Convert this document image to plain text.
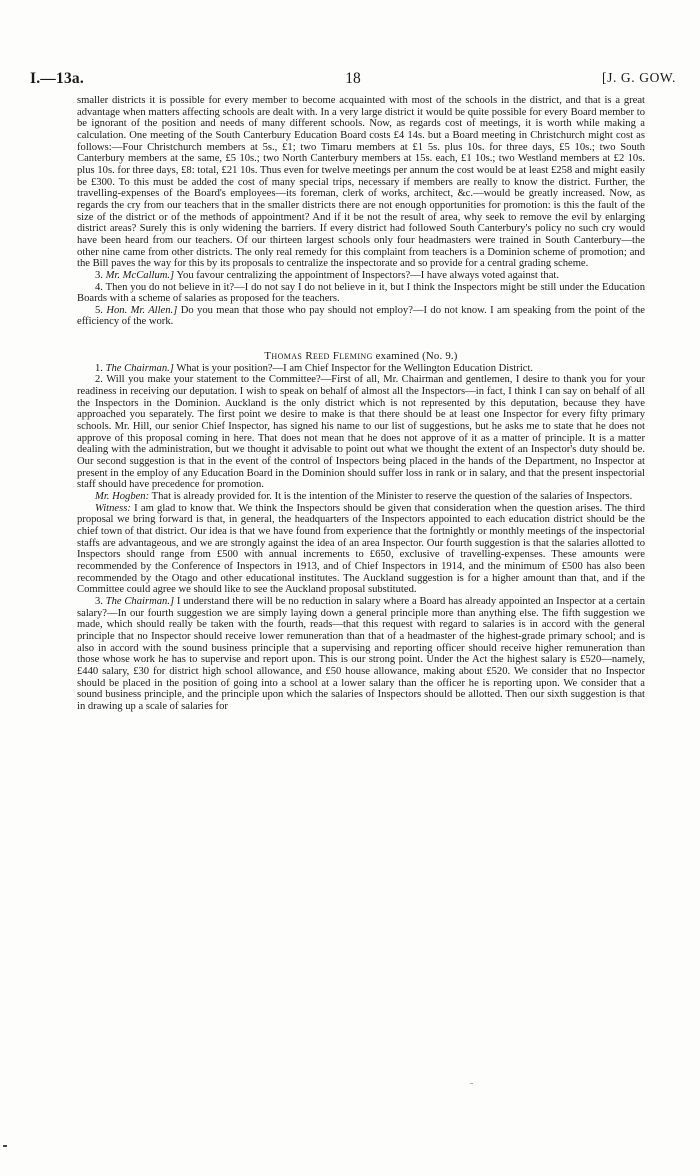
I.—13a.	18	[J. G. GOW.

smaller districts it is possible for every member to become acquainted with most of the schools in the district, and that is a great advantage when matters affecting schools are dealt with. In a very large district it would be quite possible for every Board member to be ignorant of the position and needs of many different schools. Now, as regards cost of meetings, it is worth while making a calculation. One meeting of the South Canterbury Education Board costs £4 14s. but a Board meeting in Christchurch might cost as follows:—Four Christchurch members at 5s., £1; two Timaru members at £1 5s. plus 10s. for three days, £5 10s.; two South Canterbury members at the same, £5 10s.; two North Canterbury members at 15s. each, £1 10s.; two Westland members at £2 10s. plus 10s. for three days, £8: total, £21 10s. Thus even for twelve meetings per annum the cost would be at least £258 and might easily be £300. To this must be added the cost of many special trips, necessary if members are really to know the district. Further, the travelling-expenses of the Board's employees—its foreman, clerk of works, architect, &c.—would be greatly increased. Now, as regards the cry from our teachers that in the smaller districts there are not enough opportunities for promotion: is this the fault of the size of the district or of the methods of appointment? And if it be not the result of area, why seek to remove the evil by enlarging district areas? Surely this is only widening the barriers. If every district had followed South Canterbury's policy no such cry would have been heard from our teachers. Of our thirteen largest schools only four headmasters were trained in South Canterbury—the other nine came from other districts. The only real remedy for this complaint from teachers is a Dominion scheme of promotion; and the Bill paves the way for this by its proposals to centralize the inspectorate and so provide for a central grading scheme.

3. Mr. McCallum.] You favour centralizing the appointment of Inspectors?—I have always voted against that.

4. Then you do not believe in it?—I do not say I do not believe in it, but I think the Inspectors might be still under the Education Boards with a scheme of salaries as proposed for the teachers.

5. Hon. Mr. Allen.] Do you mean that those who pay should not employ?—I do not know. I am speaking from the point of the efficiency of the work.

Thomas Reed Fleming examined (No. 9.)

1. The Chairman.] What is your position?—I am Chief Inspector for the Wellington Education District.

2. Will you make your statement to the Committee?—First of all, Mr. Chairman and gentlemen, I desire to thank you for your readiness in receiving our deputation. I wish to speak on behalf of almost all the Inspectors—in fact, I think I can say on behalf of all the Inspectors in the Dominion. Auckland is the only district which is not represented by this deputation, because they have approached you separately. The first point we desire to make is that there should be at least one Inspector for every fifty primary schools. Mr. Hill, our senior Chief Inspector, has signed his name to our list of suggestions, but he asks me to state that he does not approve of this proposal coming in here. That does not mean that he does not approve of it as a matter of principle. It is a matter dealing with the administration, but we thought it advisable to point out what we thought the extent of an Inspector's duty should be. Our second suggestion is that in the event of the control of Inspectors being placed in the hands of the Department, no Inspector at present in the employ of any Education Board in the Dominion should suffer loss in rank or in salary, and that the present inspectorial staff should have precedence for promotion.

Mr. Hogben: That is already provided for. It is the intention of the Minister to reserve the question of the salaries of Inspectors.

Witness: I am glad to know that. We think the Inspectors should be given that consideration when the question arises. The third proposal we bring forward is that, in general, the headquarters of the Inspectors appointed to each education district should be the chief town of that district. Our idea is that we have found from experience that the fortnightly or monthly meetings of the inspectorial staffs are advantageous, and we are strongly against the idea of an area Inspector. Our fourth suggestion is that the salaries allotted to Inspectors should range from £500 with annual increments to £650, exclusive of travelling-expenses. These amounts were recommended by the Conference of Inspectors in 1913, and of Chief Inspectors in 1914, and the minimum of £500 has also been recommended by the Otago and other educational institutes. The Auckland suggestion is for a higher amount than that, and if the Committee could agree we should like to see the Auckland proposal substituted.

3. The Chairman.] I understand there will be no reduction in salary where a Board has already appointed an Inspector at a certain salary?—In our fourth suggestion we are simply laying down a general principle more than anything else. The fifth suggestion we made, which should really be taken with the fourth, reads—that this request with regard to salaries is in accord with the general principle that no Inspector should receive lower remuneration than that of a headmaster of the highest-grade primary school; and is also in accord with the sound business principle that a supervising and reporting officer should receive higher remuneration than those whose work he has to supervise and report upon. This is our strong point. Under the Act the highest salary is £520—namely, £440 salary, £30 for district high school allowance, and £50 house allowance, making about £520. We consider that no Inspector should be placed in the position of going into a school at a lower salary than the officer he is reporting upon. We consider that a sound business principle, and the principle upon which the salaries of Inspectors should be allotted. Then our sixth suggestion is that in drawing up a scale of salaries for
